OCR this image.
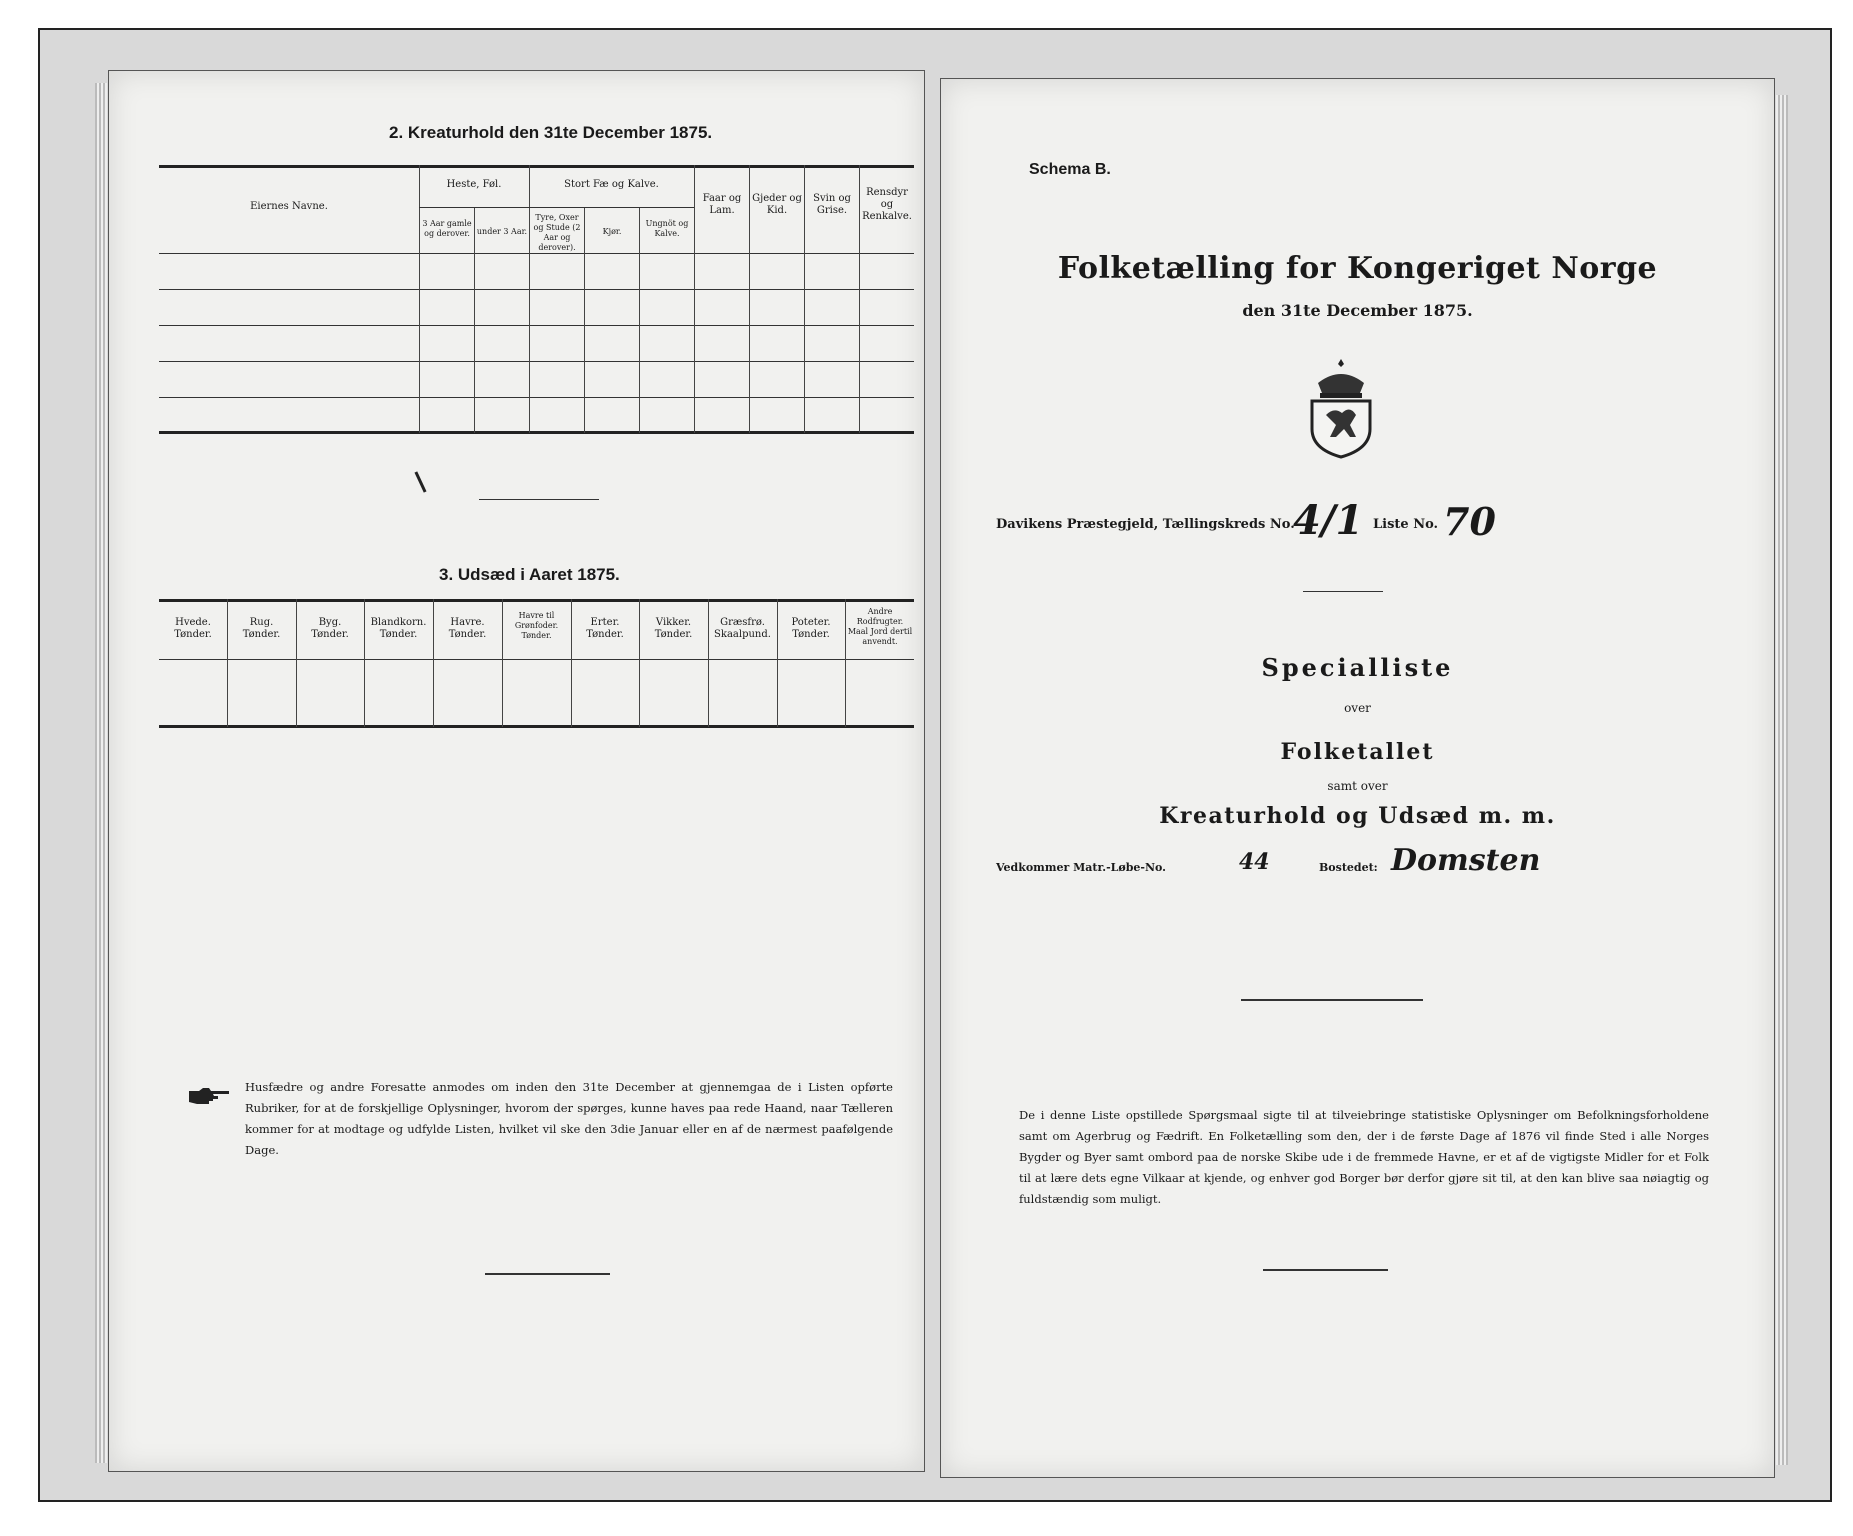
2. Kreaturhold den 31te December 1875.
Eiernes Navne.
Heste, Føl.
3 Aar gamle og derover. under 3 Aar.
Stort Fæ og Kalve.
Tyre, Oxer og Stude (2 Aar og derover).
Kjør.
Ungnöt og Kalve.
Faar og Lam.
Gjeder og Kid.
Svin og Grise.
Rensdyr og Renkalve.
3. Udsæd i Aaret 1875.
Hvede.
Tønder.
Rug.
Tønder.
Byg.
Tønder.
Blandkorn.
Tønder.
Havre.
Tønder.
Havre til Grønfoder.
Tønder.
Erter.
Tønder.
Vikker.
Tønder.
Græsfrø.
Skaalpund.
Poteter.
Tønder.
Andre Rodfrugter.
Maal Jord dertil anvendt.
Husfædre og andre Foresatte anmodes om inden den 31te December at gjennemgaa de i Listen opførte Rubriker, for at de forskjellige Oplysninger, hvorom der spørges, kunne haves paa rede Haand, naar Tælleren kommer for at modtage og udfylde Listen, hvilket vil ske den 3die Januar eller en af de nærmest paafølgende Dage.
Schema B.
Folketælling for Kongeriget Norge
den 31te December 1875.
Davikens Præstegjeld, Tællingskreds No.
4/1 Liste No. 70
Specialliste
over
Folketallet
samt over
Kreaturhold og Udsæd m. m.
Vedkommer Matr.-Løbe-No.	44	Bostedet: Domsten
De i denne Liste opstillede Spørgsmaal sigte til at tilveiebringe statistiske Oplysninger om Befolkningsforholdene samt om Agerbrug og Fædrift. En Folketælling som den, der i de første Dage af 1876 vil finde Sted i alle Norges Bygder og Byer samt ombord paa de norske Skibe ude i de fremmede Havne, er et af de vigtigste Midler for et Folk til at lære dets egne Vilkaar at kjende, og enhver god Borger bør derfor gjøre sit til, at den kan blive saa nøiagtig og fuldstændig som muligt.
